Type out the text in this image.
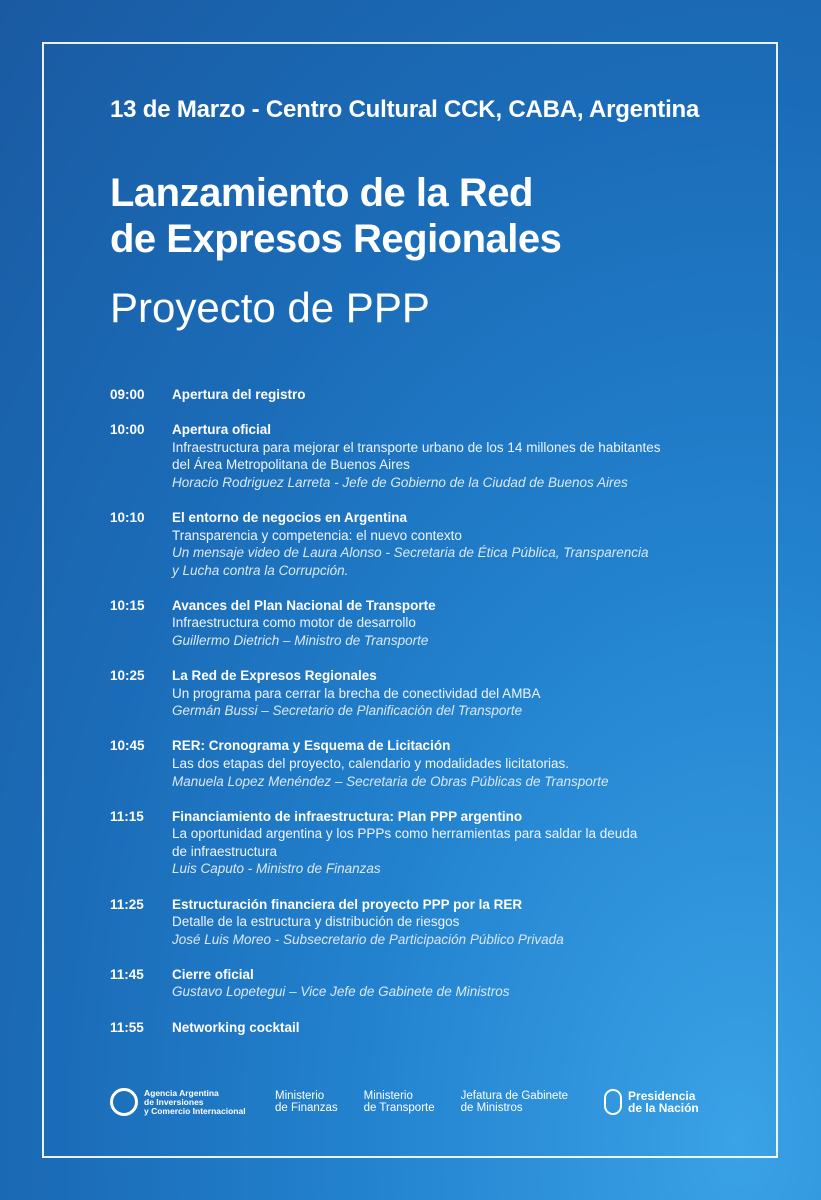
13 de Marzo - Centro Cultural CCK, CABA, Argentina
Lanzamiento de la Red
de Expresos Regionales
Proyecto de PPP
09:00	Apertura del registro
10:00	Apertura oficial
Infraestructura para mejorar el transporte urbano de los 14 millones de habitantes
del Área Metropolitana de Buenos Aires
Horacio Rodriguez Larreta - Jefe de Gobierno de la Ciudad de Buenos Aires
10:10	El entorno de negocios en Argentina
Transparencia y competencia: el nuevo contexto
Un mensaje video de Laura Alonso - Secretaria de Ética Pública, Transparencia
y Lucha contra la Corrupción.
10:15	Avances del Plan Nacional de Transporte
Infraestructura como motor de desarrollo
Guillermo Dietrich – Ministro de Transporte
10:25	La Red de Expresos Regionales
Un programa para cerrar la brecha de conectividad del AMBA
Germán Bussi – Secretario de Planificación del Transporte
10:45	RER: Cronograma y Esquema de Licitación
Las dos etapas del proyecto, calendario y modalidades licitatorias.
Manuela Lopez Menéndez – Secretaria de Obras Públicas de Transporte
11:15	Financiamiento de infraestructura: Plan PPP argentino
La oportunidad argentina y los PPPs como herramientas para saldar la deuda
de infraestructura
Luis Caputo - Ministro de Finanzas
11:25	Estructuración financiera del proyecto PPP por la RER
Detalle de la estructura y distribución de riesgos
José Luis Moreo - Subsecretario de Participación Público Privada
11:45	Cierre oficial
Gustavo Lopetegui – Vice Jefe de Gabinete de Ministros
11:55	Networking cocktail
Agencia Argentina
de Inversiones
y Comercio Internacional
Ministerio
de Finanzas
Ministerio
de Transporte
Jefatura de Gabinete
de Ministros
Presidencia
de la Nación
